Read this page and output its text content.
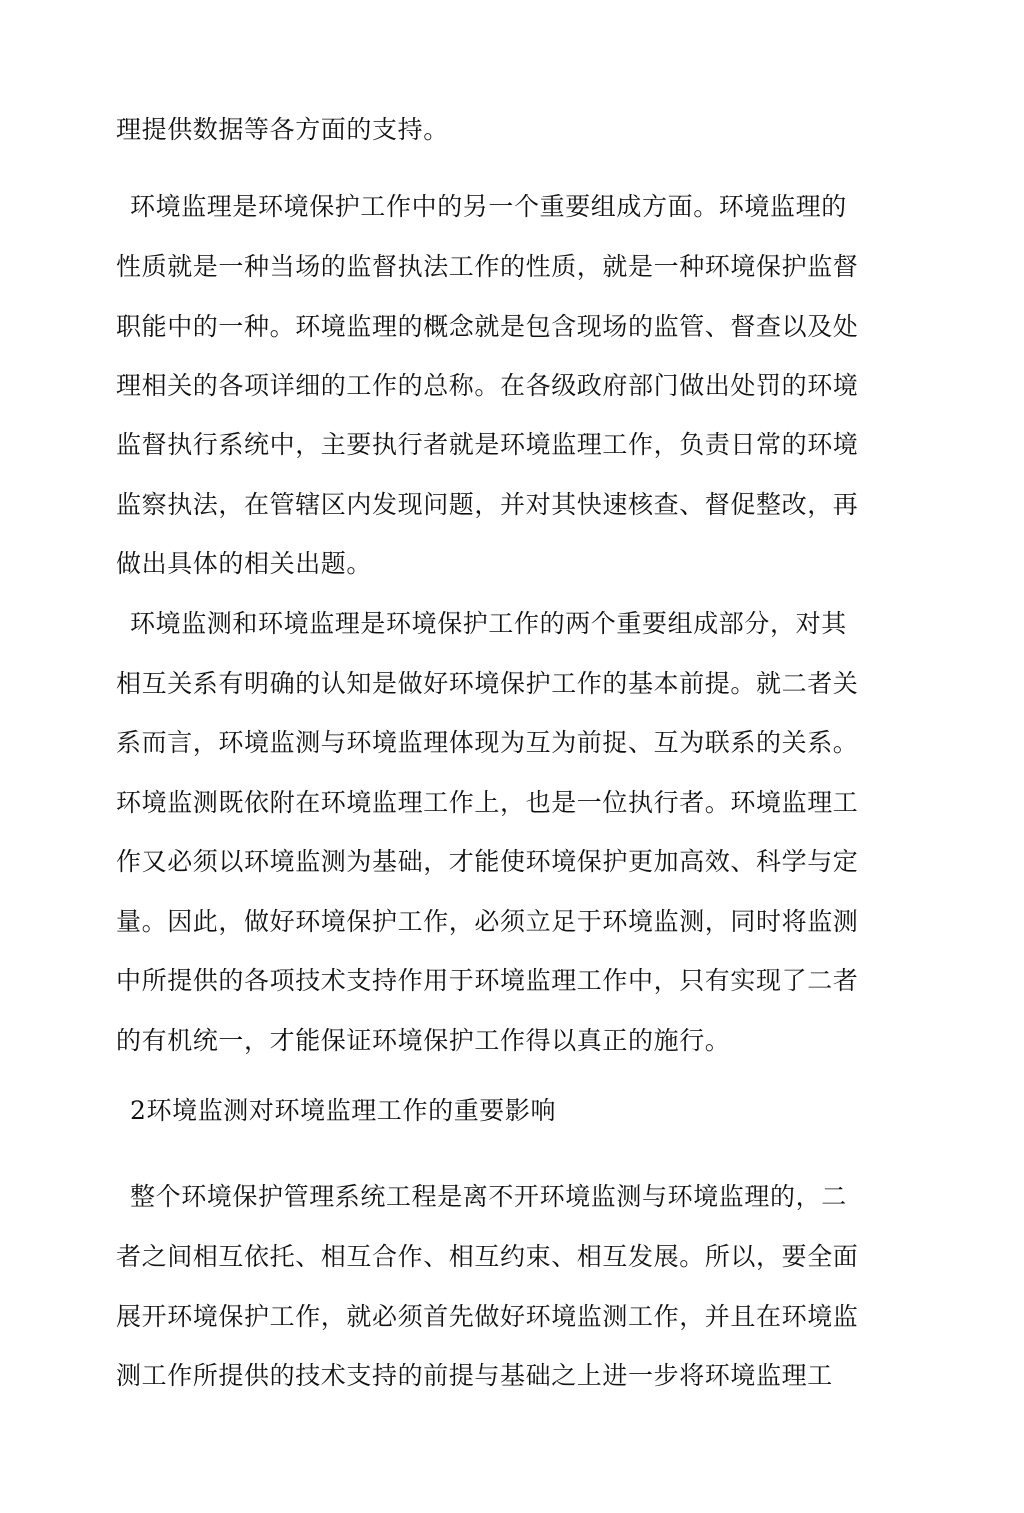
理提供数据等各方面的支持。
环境监理是环境保护工作中的另一个重要组成方面。环境监理的
性质就是一种当场的监督执法工作的性质，就是一种环境保护监督
职能中的一种。环境监理的概念就是包含现场的监管、督查以及处
理相关的各项详细的工作的总称。在各级政府部门做出处罚的环境
监督执行系统中，主要执行者就是环境监理工作，负责日常的环境
监察执法，在管辖区内发现问题，并对其快速核查、督促整改，再
做出具体的相关出题。
环境监测和环境监理是环境保护工作的两个重要组成部分，对其
相互关系有明确的认知是做好环境保护工作的基本前提。就二者关
系而言，环境监测与环境监理体现为互为前捉、互为联系的关系。
环境监测既依附在环境监理工作上，也是一位执行者。环境监理工
作又必须以环境监测为基础，才能使环境保护更加高效、科学与定
量。因此，做好环境保护工作，必须立足于环境监测，同时将监测
中所提供的各项技术支持作用于环境监理工作中，只有实现了二者
的有机统一，才能保证环境保护工作得以真正的施行。
2环境监测对环境监理工作的重要影响
整个环境保护管理系统工程是离不开环境监测与环境监理的，二
者之间相互依托、相互合作、相互约束、相互发展。所以，要全面
展开环境保护工作，就必须首先做好环境监测工作，并且在环境监
测工作所提供的技术支持的前提与基础之上进一步将环境监理工
